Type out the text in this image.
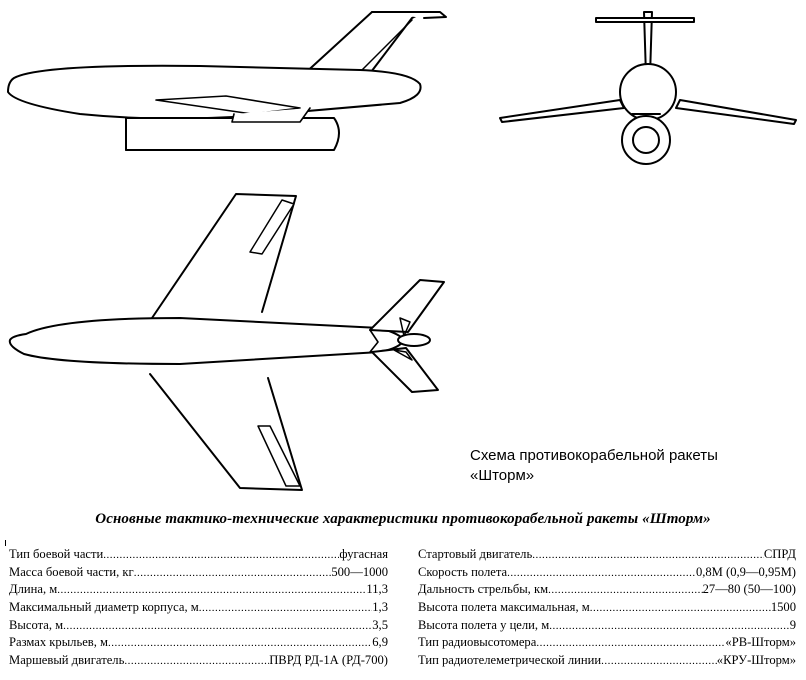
Схема противокорабельной ракеты
«Шторм»
Основные тактико-технические характеристики противокорабельной ракеты «Шторм»
Тип боевой части .....	фугасная
Масса боевой части, кг .....	500—1000
Длина, м .....	11,3
Максимальный диаметр корпуса, м .....	1,3
Высота, м .....	3,5
Размах крыльев, м .....	6,9
Маршевый двигатель .....	ПВРД РД-1А (РД-700)
Стартовый двигатель .....	СПРД
Скорость полета .....	0,8М (0,9—0,95М)
Дальность стрельбы, км .....	27—80 (50—100)
Высота полета максимальная, м .....	1500
Высота полета у цели, м .....	9
Тип радиовысотомера .....	«РВ-Шторм»
Тип радиотелеметрической линии .....	«КРУ-Шторм»
